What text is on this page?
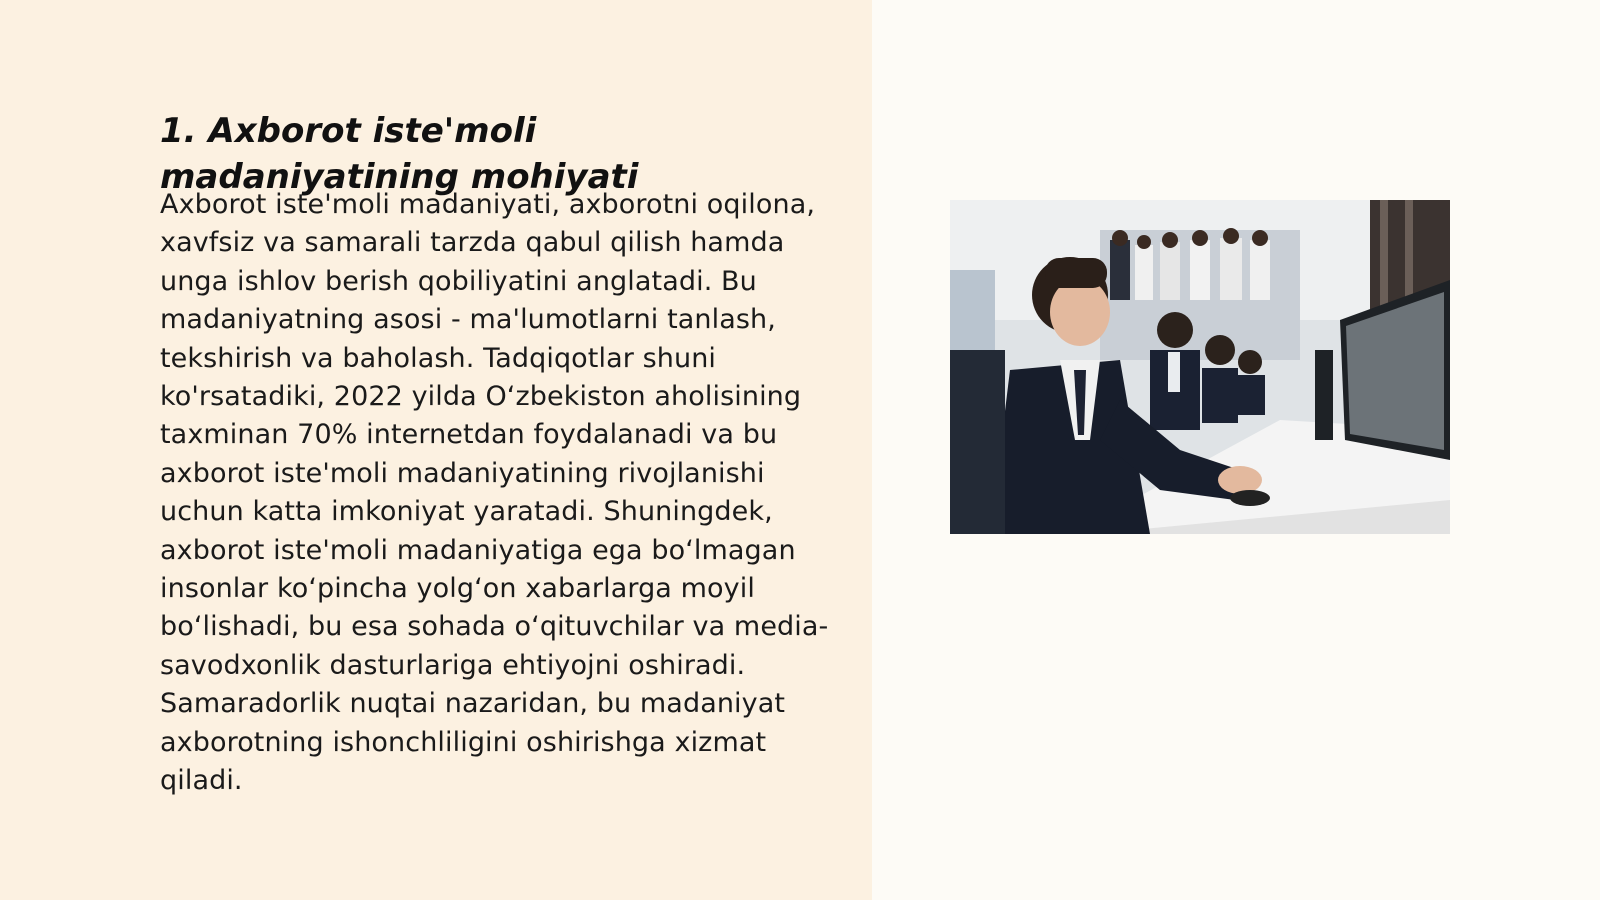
1. Axborot iste'moli madaniyatining mohiyati

Axborot iste'moli madaniyati, axborotni oqilona, xavfsiz va samarali tarzda qabul qilish hamda unga ishlov berish qobiliyatini anglatadi. Bu madaniyatning asosi - ma'lumotlarni tanlash, tekshirish va baholash. Tadqiqotlar shuni ko'rsatadiki, 2022 yilda O‘zbekiston aholisining taxminan 70% internetdan foydalanadi va bu axborot iste'moli madaniyatining rivojlanishi uchun katta imkoniyat yaratadi. Shuningdek, axborot iste'moli madaniyatiga ega bo‘lmagan insonlar ko‘pincha yolg‘on xabarlarga moyil bo‘lishadi, bu esa sohada o‘qituvchilar va media-savodxonlik dasturlariga ehtiyojni oshiradi. Samaradorlik nuqtai nazaridan, bu madaniyat axborotning ishonchliligini oshirishga xizmat qiladi.
